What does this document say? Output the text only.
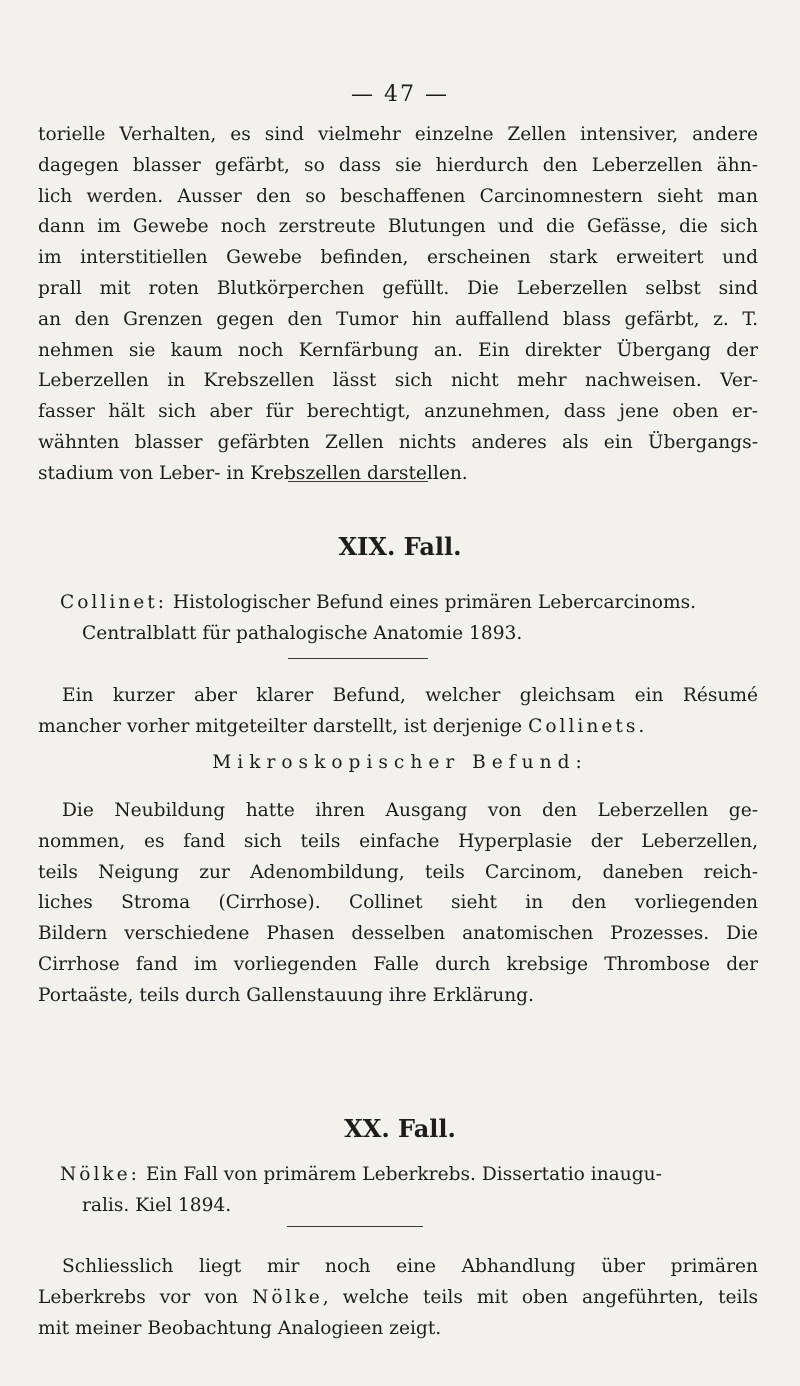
— 47 —
torielle Verhalten, es sind vielmehr einzelne Zellen intensiver, andere
dagegen blasser gefärbt, so dass sie hierdurch den Leberzellen ähn-
lich werden. Ausser den so beschaffenen Carcinomnestern sieht man
dann im Gewebe noch zerstreute Blutungen und die Gefässe, die sich
im interstitiellen Gewebe befinden, erscheinen stark erweitert und
prall mit roten Blutkörperchen gefüllt. Die Leberzellen selbst sind
an den Grenzen gegen den Tumor hin auffallend blass gefärbt, z. T.
nehmen sie kaum noch Kernfärbung an. Ein direkter Übergang der
Leberzellen in Krebszellen lässt sich nicht mehr nachweisen. Ver-
fasser hält sich aber für berechtigt, anzunehmen, dass jene oben er-
wähnten blasser gefärbten Zellen nichts anderes als ein Übergangs-
stadium von Leber- in Krebszellen darstellen.
XIX. Fall.
Collinet: Histologischer Befund eines primären Lebercarcinoms.
Centralblatt für pathalogische Anatomie 1893.
Ein kurzer aber klarer Befund, welcher gleichsam ein Résumé
mancher vorher mitgeteilter darstellt, ist derjenige Collinets.
Mikroskopischer Befund:
Die Neubildung hatte ihren Ausgang von den Leberzellen ge-
nommen, es fand sich teils einfache Hyperplasie der Leberzellen,
teils Neigung zur Adenombildung, teils Carcinom, daneben reich-
liches Stroma (Cirrhose). Collinet sieht in den vorliegenden
Bildern verschiedene Phasen desselben anatomischen Prozesses. Die
Cirrhose fand im vorliegenden Falle durch krebsige Thrombose der
Portaäste, teils durch Gallenstauung ihre Erklärung.
XX. Fall.
Nölke: Ein Fall von primärem Leberkrebs. Dissertatio inaugu-
ralis. Kiel 1894.
Schliesslich liegt mir noch eine Abhandlung über primären
Leberkrebs vor von Nölke, welche teils mit oben angeführten, teils
mit meiner Beobachtung Analogieen zeigt.
